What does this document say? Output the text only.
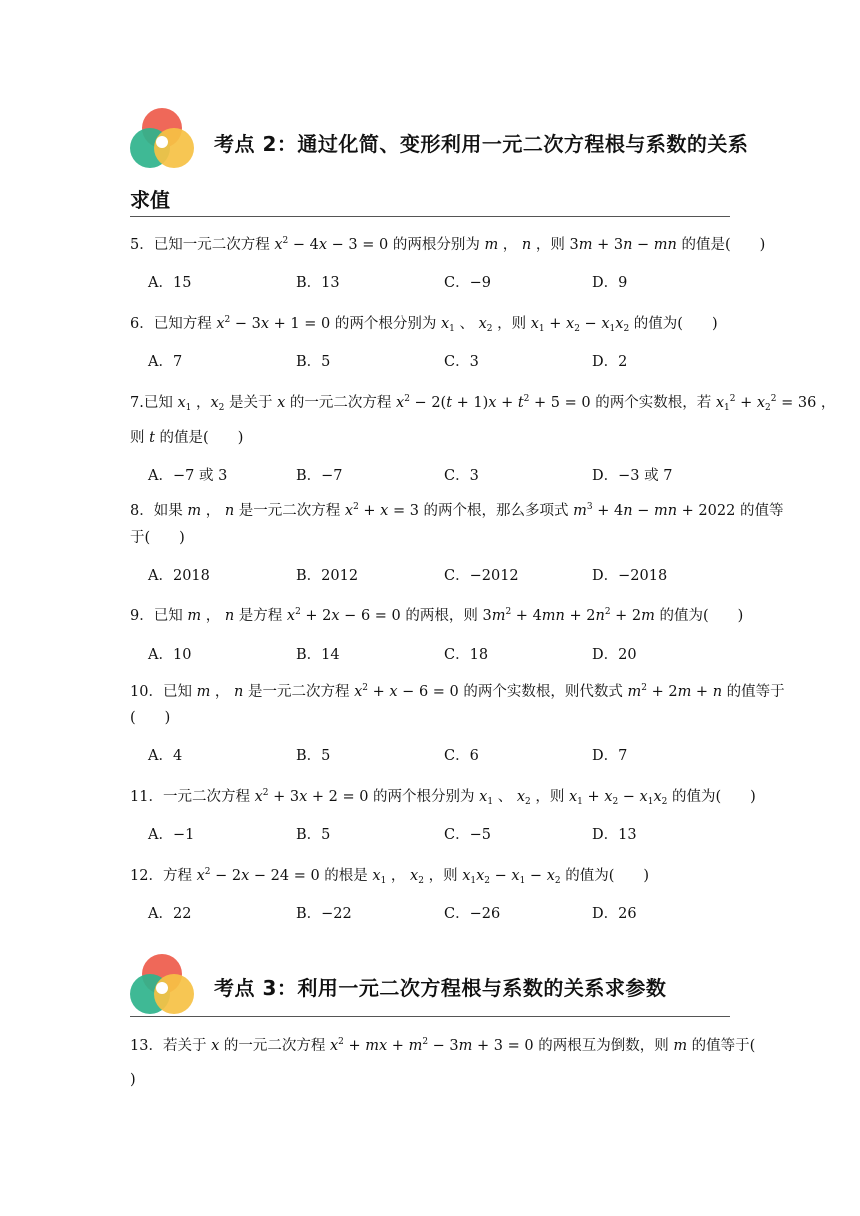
考点 2：通过化简、变形利用一元二次方程根与系数的关系
求值
5．已知一元二次方程 $x^2 - 4x - 3 = 0$ 的两根分别为 m ， n ，则 3m + 3n − mn 的值是(　　)
A．15	B．13	C．−9	D．9
6．已知方程 $x^2 - 3x + 1 = 0$ 的两个根分别为 $x_1$ 、 $x_2$ ，则 $x_1 + x_2 - x_1x_2$ 的值为(　　)
A．7	B．5	C．3	D．2
7.已知 $x_1$ ，$x_2$ 是关于 x 的一元二次方程 $x^2 - 2(t + 1)x + t^2 + 5 = 0$ 的两个实数根，若 $x_1^2 + x_2^2 = 36$ ，
则 t 的值是(　　)
A．−7 或 3	B．−7	C．3	D．−3 或 7
8．如果 m ， n 是一元二次方程 $x^2 + x = 3$ 的两个根，那么多项式 $m^3 + 4n$ − mn + 2022 的值等
于(　　)
A．2018	B．2012	C．−2012	D．−2018
9．已知 m ， n 是方程 $x^2 + 2x - 6 = 0$ 的两根，则 $3m^2 + 4mn + 2n^2 + 2m$ 的值为(　　)
A．10	B．14	C．18	D．20
10．已知 m ， n 是一元二次方程 $x^2 + x - 6 = 0$ 的两个实数根，则代数式 $m^2 + 2m + n$ 的值等于
(　　)
A．4	B．5	C．6	D．7
11．一元二次方程 $x^2 + 3x + 2 = 0$ 的两个根分别为 $x_1$ 、 $x_2$ ，则 $x_1 + x_2 - x_1x_2$ 的值为(　　)
A．−1	B．5	C．−5	D．13
12．方程 $x^2 - 2x - 24 = 0$ 的根是 $x_1$ ， $x_2$ ，则 $x_1x_2 - x_1 - x_2$ 的值为(　　)
A．22	B．−22	C．−26	D．26
考点 3：利用一元二次方程根与系数的关系求参数
13．若关于 x 的一元二次方程 $x^2$ + mx + $m^2 - 3m + 3 = 0$ 的两根互为倒数，则 m 的值等于(
)
